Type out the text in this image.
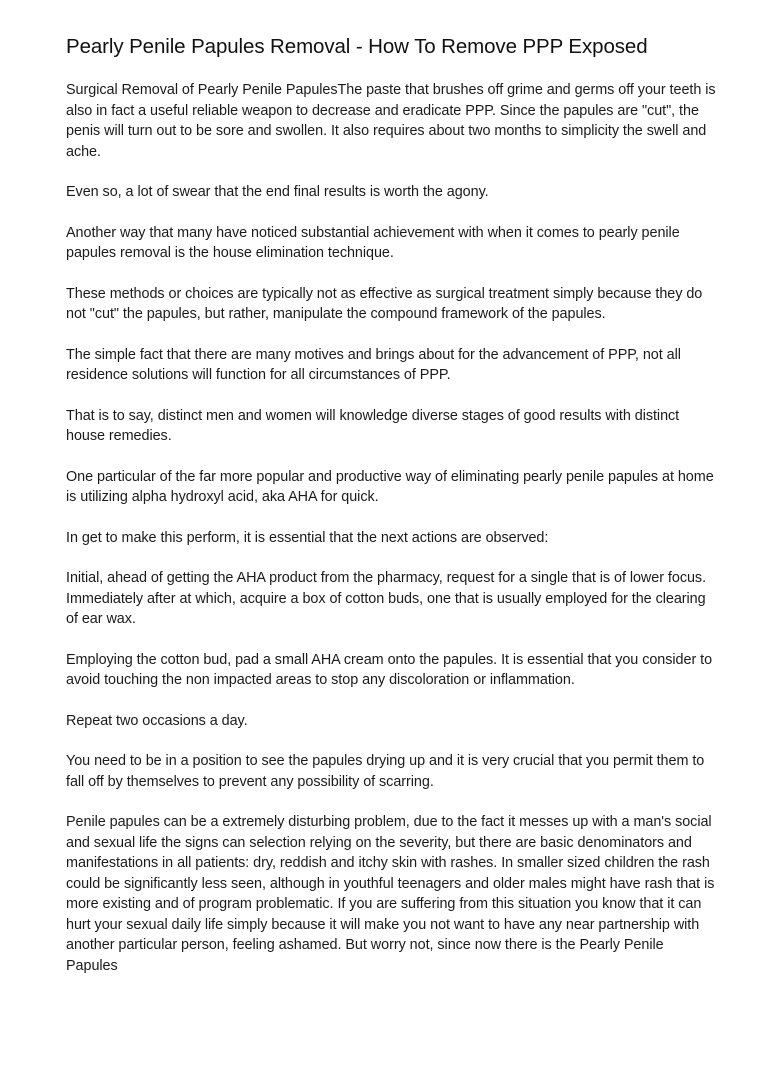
Pearly Penile Papules Removal - How To Remove PPP Exposed

Surgical Removal of Pearly Penile PapulesThe paste that brushes off grime and germs off your teeth is also in fact a useful reliable weapon to decrease and eradicate PPP. Since the papules are "cut", the penis will turn out to be sore and swollen. It also requires about two months to simplicity the swell and ache.

Even so, a lot of swear that the end final results is worth the agony.

Another way that many have noticed substantial achievement with when it comes to pearly penile papules removal is the house elimination technique.

These methods or choices are typically not as effective as surgical treatment simply because they do not "cut" the papules, but rather, manipulate the compound framework of the papules.

The simple fact that there are many motives and brings about for the advancement of PPP, not all residence solutions will function for all circumstances of PPP.

That is to say, distinct men and women will knowledge diverse stages of good results with distinct house remedies.

One particular of the far more popular and productive way of eliminating pearly penile papules at home is utilizing alpha hydroxyl acid, aka AHA for quick.

In get to make this perform, it is essential that the next actions are observed:

Initial, ahead of getting the AHA product from the pharmacy, request for a single that is of lower focus. Immediately after at which, acquire a box of cotton buds, one that is usually employed for the clearing of ear wax.

Employing the cotton bud, pad a small AHA cream onto the papules. It is essential that you consider to avoid touching the non impacted areas to stop any discoloration or inflammation.

Repeat two occasions a day.

You need to be in a position to see the papules drying up and it is very crucial that you permit them to fall off by themselves to prevent any possibility of scarring.

Penile papules can be a extremely disturbing problem, due to the fact it messes up with a man's social and sexual life the signs can selection relying on the severity, but there are basic denominators and manifestations in all patients: dry, reddish and itchy skin with rashes. In smaller sized children the rash could be significantly less seen, although in youthful teenagers and older males might have rash that is more existing and of program problematic. If you are suffering from this situation you know that it can hurt your sexual daily life simply because it will make you not want to have any near partnership with another particular person, feeling ashamed. But worry not, since now there is the Pearly Penile Papules
